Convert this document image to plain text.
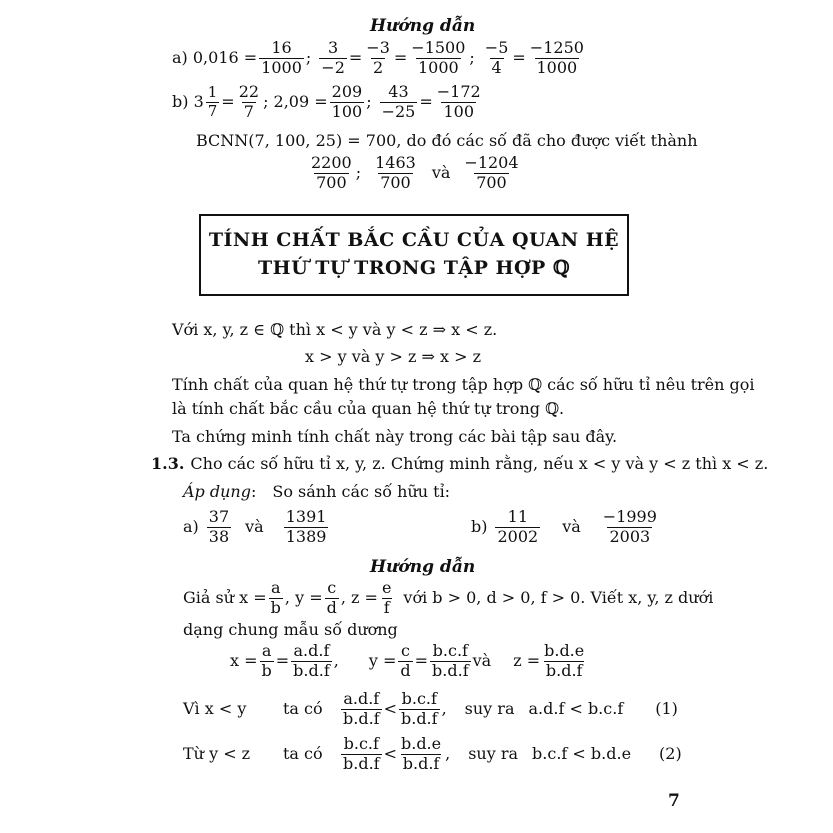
Hướng dẫn
a) $0,016 = \frac{16}{1000}$ ; $\frac{3}{-2} = \frac{-3}{2} = \frac{-1500}{1000}$ ; $\frac{-5}{4} = \frac{-1250}{1000}$
b) $3 \frac{1}{7} = \frac{22}{7}$ ; $2,09 = \frac{209}{100}$ ; $\frac{43}{-25} = \frac{-172}{100}$
BCNN(7, 100, 25) = 700, do đó các số đã cho được viết thành
$\frac{2200}{700}$ ; $\frac{1463}{700}$ và $\frac{-1204}{700}$
TÍNH CHẤT BẮC CẦU CỦA QUAN HỆ
THỨ TỰ TRONG TẬP HỢP ℚ
Với x, y, z ∈ ℚ thì x < y và y < z ⇒ x < z.
x > y và y > z ⇒ x > z
Tính chất của quan hệ thứ tự trong tập hợp ℚ các số hữu tỉ nêu trên gọi
là tính chất bắc cầu của quan hệ thứ tự trong ℚ.
Ta chứng minh tính chất này trong các bài tập sau đây.
1.3. Cho các số hữu tỉ x, y, z. Chứng minh rằng, nếu x < y và y < z thì x < z.
Áp dụng : So sánh các số hữu tỉ:
$a) \frac{37}{38}$ và $\frac{1391}{1389}$	$b) \frac{11}{2002}$ và $\frac{-1999}{2003}$
Hướng dẫn
Giả sử $x = \frac{a}{b}$ , $y = \frac{c}{d}$ , $z = \frac{e}{f}$ với b > 0, d > 0, f > 0. Viết x, y, z dưới
dạng chung mẫu số dương
$x = \frac{a}{b} = \frac{a.d.f}{b.d.f}$ , $y = \frac{c}{d} = \frac{b.c.f}{b.d.f}$ và $z = \frac{b.d.e}{b.d.f}$
Vì x < y	ta có	$\frac{a.d.f}{b.d.f} < \frac{b.c.f}{b.d.f}$ , suy ra a.d.f < b.c.f (1)
Từ y < z	ta có	$\frac{b.c.f}{b.d.f} < \frac{b.d.e}{b.d.f}$ , suy ra b.c.f < b.d.e (2)
7
